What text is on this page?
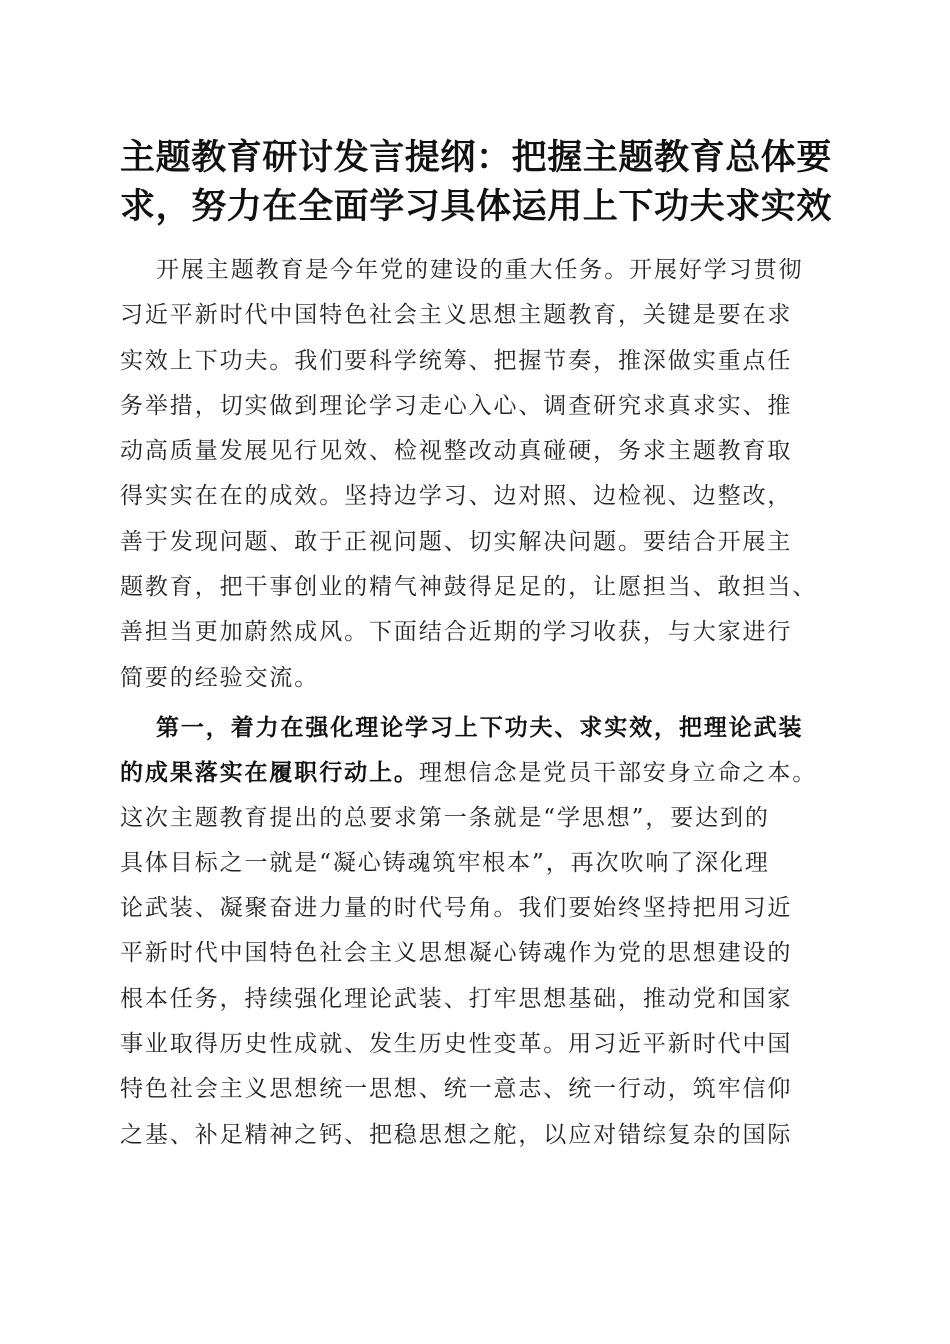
主题教育研讨发言提纲：把握主题教育总体要
求，努力在全面学习具体运用上下功夫求实效
开展主题教育是今年党的建设的重大任务。开展好学习贯彻
习近平新时代中国特色社会主义思想主题教育，关键是要在求
实效上下功夫。我们要科学统筹、把握节奏，推深做实重点任
务举措，切实做到理论学习走心入心、调查研究求真求实、推
动高质量发展见行见效、检视整改动真碰硬，务求主题教育取
得实实在在的成效。坚持边学习、边对照、边检视、边整改，
善于发现问题、敢于正视问题、切实解决问题。要结合开展主
题教育，把干事创业的精气神鼓得足足的，让愿担当、敢担当、
善担当更加蔚然成风。下面结合近期的学习收获，与大家进行
简要的经验交流。
第一，着力在强化理论学习上下功夫、求实效，把理论武装
的成果落实在履职行动上。理想信念是党员干部安身立命之本。
这次主题教育提出的总要求第一条就是“学思想”，要达到的
具体目标之一就是“凝心铸魂筑牢根本”，再次吹响了深化理
论武装、凝聚奋进力量的时代号角。我们要始终坚持把用习近
平新时代中国特色社会主义思想凝心铸魂作为党的思想建设的
根本任务，持续强化理论武装、打牢思想基础，推动党和国家
事业取得历史性成就、发生历史性变革。用习近平新时代中国
特色社会主义思想统一思想、统一意志、统一行动，筑牢信仰
之基、补足精神之钙、把稳思想之舵，以应对错综复杂的国际
